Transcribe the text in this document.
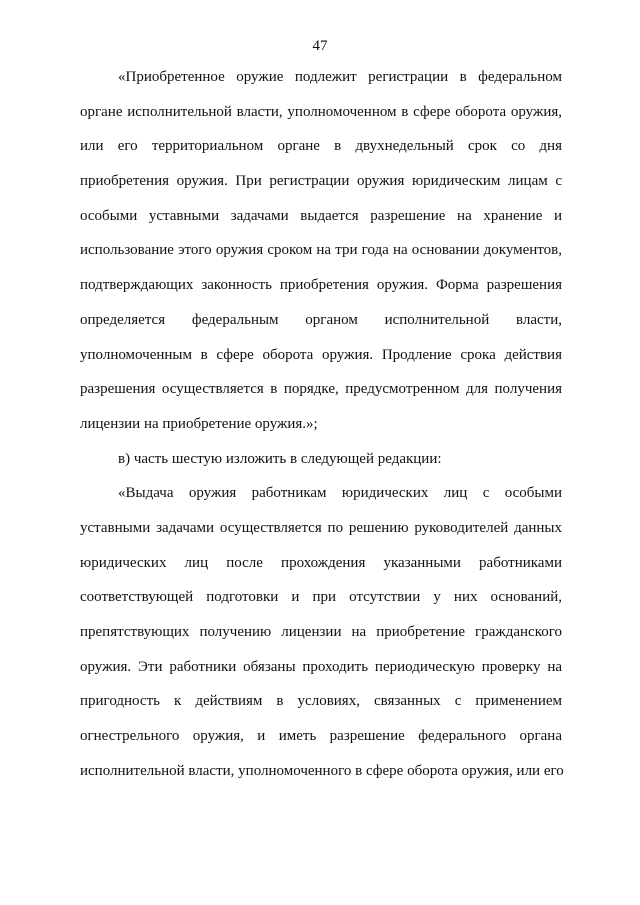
47

«Приобретенное оружие подлежит регистрации в федеральном
органе исполнительной власти, уполномоченном в сфере оборота оружия,
или его территориальном органе в двухнедельный срок со дня
приобретения оружия. При регистрации оружия юридическим лицам с
особыми уставными задачами выдается разрешение на хранение и
использование этого оружия сроком на три года на основании документов,
подтверждающих законность приобретения оружия. Форма разрешения
определяется федеральным органом исполнительной власти,
уполномоченным в сфере оборота оружия. Продление срока действия
разрешения осуществляется в порядке, предусмотренном для получения
лицензии на приобретение оружия.»;

в) часть шестую изложить в следующей редакции:

«Выдача оружия работникам юридических лиц с особыми
уставными задачами осуществляется по решению руководителей данных
юридических лиц после прохождения указанными работниками
соответствующей подготовки и при отсутствии у них оснований,
препятствующих получению лицензии на приобретение гражданского
оружия. Эти работники обязаны проходить периодическую проверку на
пригодность к действиям в условиях, связанных с применением
огнестрельного оружия, и иметь разрешение федерального органа
исполнительной власти, уполномоченного в сфере оборота оружия, или его
